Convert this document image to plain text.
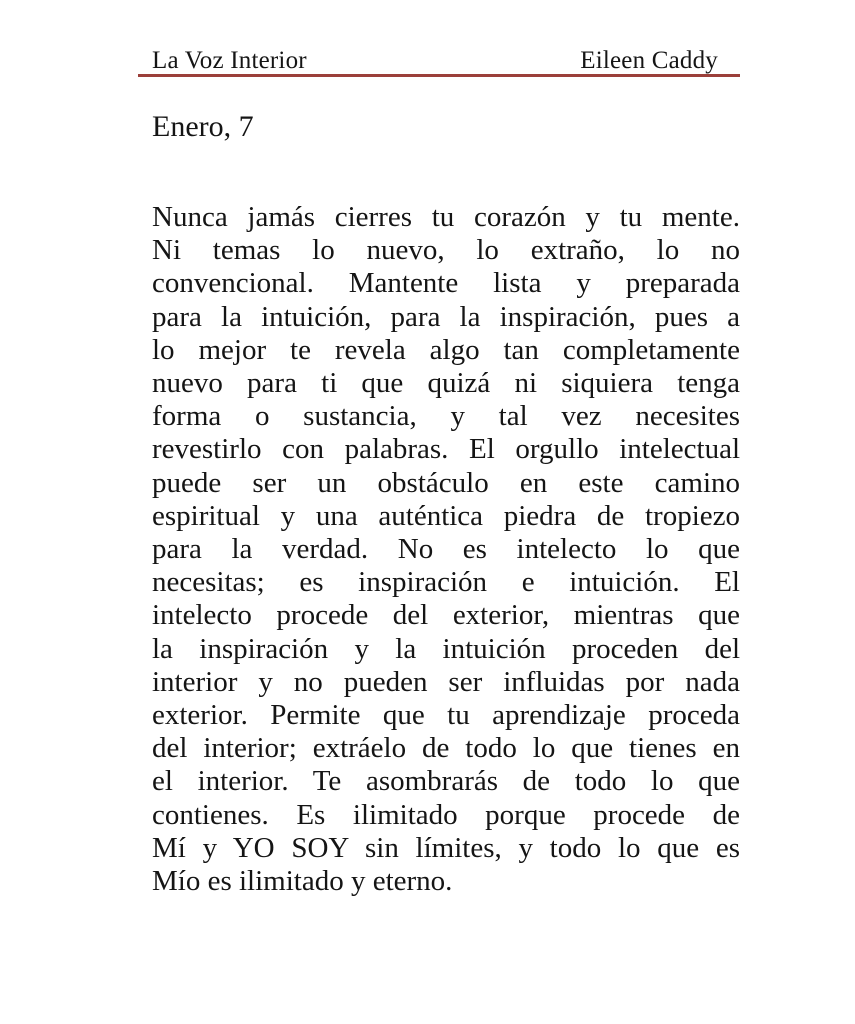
La Voz Interior	Eileen Caddy
Enero, 7
Nunca jamás cierres tu corazón y tu mente.
Ni temas lo nuevo, lo extraño, lo no
convencional. Mantente lista y preparada
para la intuición, para la inspiración, pues a
lo mejor te revela algo tan completamente
nuevo para ti que quizá ni siquiera tenga
forma o sustancia, y tal vez necesites
revestirlo con palabras. El orgullo intelectual
puede ser un obstáculo en este camino
espiritual y una auténtica piedra de tropiezo
para la verdad. No es intelecto lo que
necesitas; es inspiración e intuición. El
intelecto procede del exterior, mientras que
la inspiración y la intuición proceden del
interior y no pueden ser influidas por nada
exterior. Permite que tu aprendizaje proceda
del interior; extráelo de todo lo que tienes en
el interior. Te asombrarás de todo lo que
contienes. Es ilimitado porque procede de
Mí y YO SOY sin límites, y todo lo que es
Mío es ilimitado y eterno.
